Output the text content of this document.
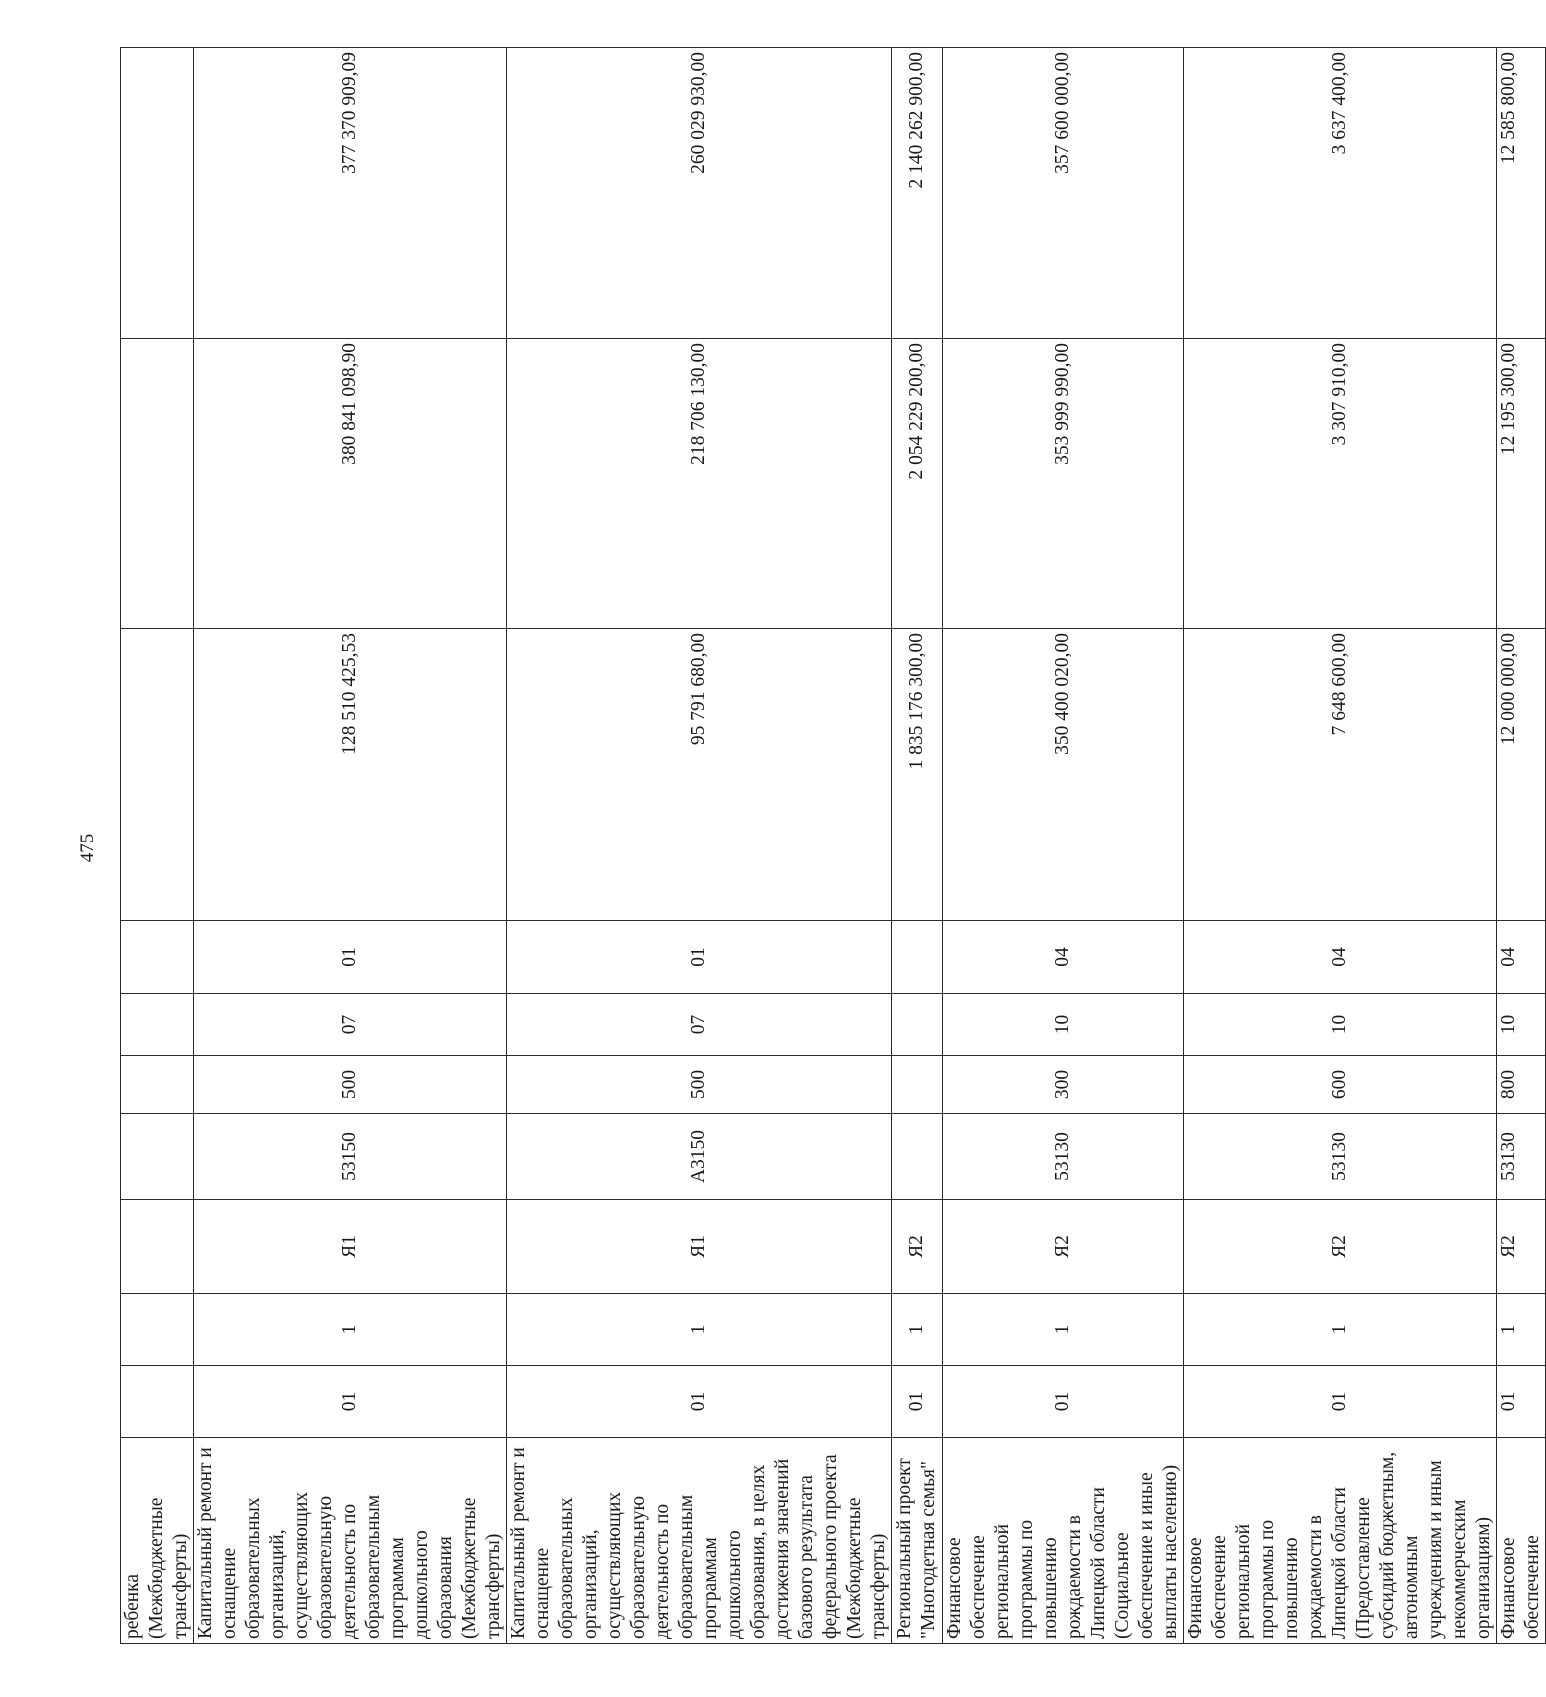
475
ребенка (Межбюджетные трансферты)										
Капитальный ремонт и оснащение образовательных организаций, осуществляющих образовательную деятельность по образовательным программам дошкольного образования (Межбюджетные трансферты)	01	1	Я1	53150	500	07	01	128 510 425,53	380 841 098,90	377 370 909,09
Капитальный ремонт и оснащение образовательных организаций, осуществляющих образовательную деятельность по образовательным программам дошкольного образования, в целях достижения значений базового результата федерального проекта (Межбюджетные трансферты)	01	1	Я1	А3150	500	07	01	95 791 680,00	218 706 130,00	260 029 930,00
Региональный проект "Многодетная семья"	01	1	Я2					1 835 176 300,00	2 054 229 200,00	2 140 262 900,00
Финансовое обеспечение региональной программы по повышению рождаемости в Липецкой области (Социальное обеспечение и иные выплаты населению)	01	1	Я2	53130	300	10	04	350 400 020,00	353 999 990,00	357 600 000,00
Финансовое обеспечение региональной программы по повышению рождаемости в Липецкой области (Предоставление субсидий бюджетным, автономным учреждениям и иным некоммерческим организациям)	01	1	Я2	53130	600	10	04	7 648 600,00	3 307 910,00	3 637 400,00
Финансовое обеспечение	01	1	Я2	53130	800	10	04	12 000 000,00	12 195 300,00	12 585 800,00
